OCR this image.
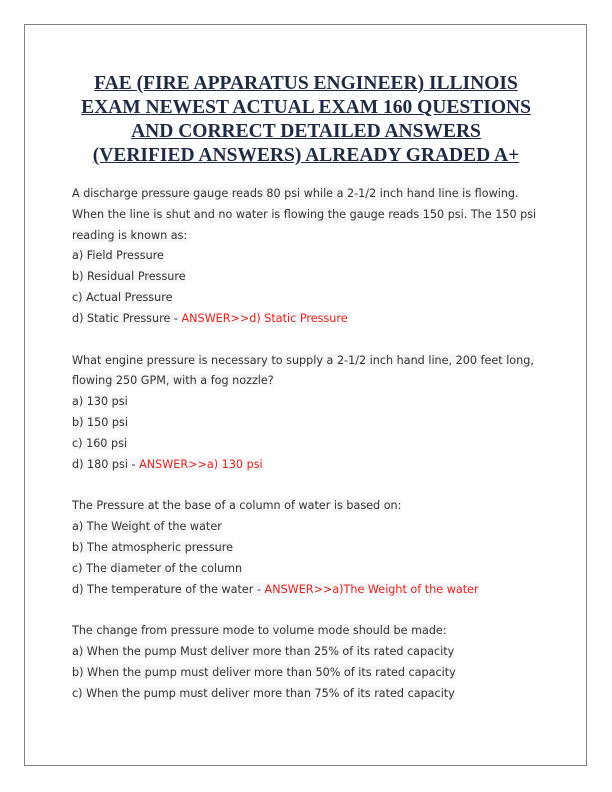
FAE (FIRE APPARATUS ENGINEER) ILLINOIS
EXAM NEWEST ACTUAL EXAM 160 QUESTIONS
AND CORRECT DETAILED ANSWERS
(VERIFIED ANSWERS) ALREADY GRADED A+
A discharge pressure gauge reads 80 psi while a 2-1/2 inch hand line is flowing.
When the line is shut and no water is flowing the gauge reads 150 psi. The 150 psi
reading is known as:
a) Field Pressure
b) Residual Pressure
c) Actual Pressure
d) Static Pressure - ANSWER>>d) Static Pressure
What engine pressure is necessary to supply a 2-1/2 inch hand line, 200 feet long,
flowing 250 GPM, with a fog nozzle?
a) 130 psi
b) 150 psi
c) 160 psi
d) 180 psi - ANSWER>>a) 130 psi
The Pressure at the base of a column of water is based on:
a) The Weight of the water
b) The atmospheric pressure
c) The diameter of the column
d) The temperature of the water - ANSWER>>a)The Weight of the water
The change from pressure mode to volume mode should be made:
a) When the pump Must deliver more than 25% of its rated capacity
b) When the pump must deliver more than 50% of its rated capacity
c) When the pump must deliver more than 75% of its rated capacity
